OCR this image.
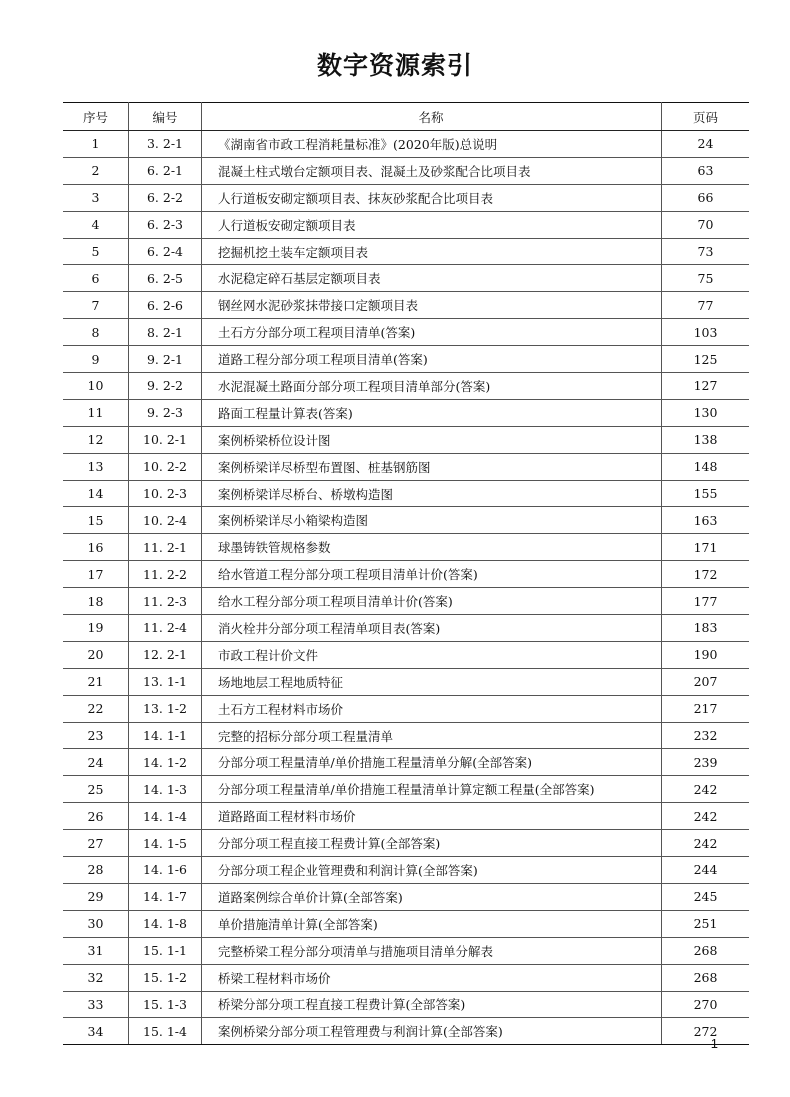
数字资源索引
序号	编号	名称	页码
1	3. 2-1	《湖南省市政工程消耗量标准》(2020年版)总说明	24
2	6. 2-1	混凝土柱式墩台定额项目表、混凝土及砂浆配合比项目表	63
3	6. 2-2	人行道板安砌定额项目表、抹灰砂浆配合比项目表	66
4	6. 2-3	人行道板安砌定额项目表	70
5	6. 2-4	挖掘机挖土装车定额项目表	73
6	6. 2-5	水泥稳定碎石基层定额项目表	75
7	6. 2-6	钢丝网水泥砂浆抹带接口定额项目表	77
8	8. 2-1	土石方分部分项工程项目清单(答案)	103
9	9. 2-1	道路工程分部分项工程项目清单(答案)	125
10	9. 2-2	水泥混凝土路面分部分项工程项目清单部分(答案)	127
11	9. 2-3	路面工程量计算表(答案)	130
12	10. 2-1	案例桥梁桥位设计图	138
13	10. 2-2	案例桥梁详尽桥型布置图、桩基钢筋图	148
14	10. 2-3	案例桥梁详尽桥台、桥墩构造图	155
15	10. 2-4	案例桥梁详尽小箱梁构造图	163
16	11. 2-1	球墨铸铁管规格参数	171
17	11. 2-2	给水管道工程分部分项工程项目清单计价(答案)	172
18	11. 2-3	给水工程分部分项工程项目清单计价(答案)	177
19	11. 2-4	消火栓井分部分项工程清单项目表(答案)	183
20	12. 2-1	市政工程计价文件	190
21	13. 1-1	场地地层工程地质特征	207
22	13. 1-2	土石方工程材料市场价	217
23	14. 1-1	完整的招标分部分项工程量清单	232
24	14. 1-2	分部分项工程量清单/单价措施工程量清单分解(全部答案)	239
25	14. 1-3	分部分项工程量清单/单价措施工程量清单计算定额工程量(全部答案)	242
26	14. 1-4	道路路面工程材料市场价	242
27	14. 1-5	分部分项工程直接工程费计算(全部答案)	242
28	14. 1-6	分部分项工程企业管理费和利润计算(全部答案)	244
29	14. 1-7	道路案例综合单价计算(全部答案)	245
30	14. 1-8	单价措施清单计算(全部答案)	251
31	15. 1-1	完整桥梁工程分部分项清单与措施项目清单分解表	268
32	15. 1-2	桥梁工程材料市场价	268
33	15. 1-3	桥梁分部分项工程直接工程费计算(全部答案)	270
34	15. 1-4	案例桥梁分部分项工程管理费与利润计算(全部答案)	272
1
